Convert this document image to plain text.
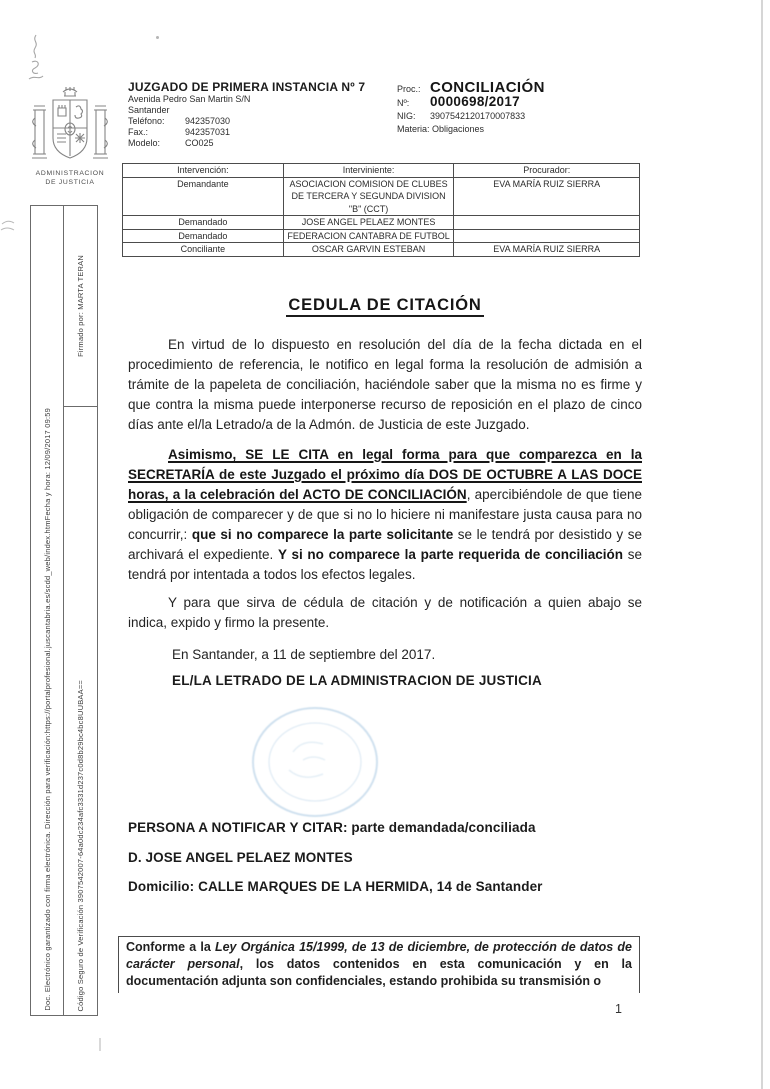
ADMINISTRACION
DE JUSTICIA
Doc. Electrónico garantizado con firma electrónica. Dirección para verificación:https://portalprofesional.juscantabria.es/scdd_web/index.htmFecha y hora: 12/09/2017 09:59
Firmado por: MARTA TERAN
Código Seguro de Verificación 3907542007-64a0dc234afc3331d237c0d8b29bc4bc8UUBAA==
JUZGADO DE PRIMERA INSTANCIA Nº 7
Avenida Pedro San Martin S/N
Santander
Teléfono: 942357030
Fax.:	942357031
Modelo:	CO025
Proc.: CONCILIACIÓN
Nº:	0000698/2017
NIG:	3907542120170007833
Materia: Obligaciones
Intervención:	Interviniente:	Procurador:
Demandante	ASOCIACION COMISION DE CLUBES DE TERCERA Y SEGUNDA DIVISION "B" (CCT)	EVA MARÍA RUIZ SIERRA
Demandado	JOSE ANGEL PELAEZ MONTES	
Demandado	FEDERACION CANTABRA DE FUTBOL	
Conciliante	OSCAR GARVIN ESTEBAN	EVA MARÍA RUIZ SIERRA
CEDULA DE CITACIÓN

En virtud de lo dispuesto en resolución del día de la fecha dictada en el procedimiento de referencia, le notifico en legal forma la resolución de admisión a trámite de la papeleta de conciliación, haciéndole saber que la misma no es firme y que contra la misma puede interponerse recurso de reposición en el plazo de cinco días ante el/la Letrado/a de la Admón. de Justicia de este Juzgado.

Asimismo, SE LE CITA en legal forma para que comparezca en la SECRETARÍA de este Juzgado el próximo día DOS DE OCTUBRE A LAS DOCE horas, a la celebración del ACTO DE CONCILIACIÓN, apercibiéndole de que tiene obligación de comparecer y de que si no lo hiciere ni manifestare justa causa para no concurrir,: que si no comparece la parte solicitante se le tendrá por desistido y se archivará el expediente. Y si no comparece la parte requerida de conciliación se tendrá por intentada a todos los efectos legales.

Y para que sirva de cédula de citación y de notificación a quien abajo se indica, expido y firmo la presente.

En Santander, a 11 de septiembre del 2017.

EL/LA LETRADO DE LA ADMINISTRACION DE JUSTICIA
PERSONA A NOTIFICAR Y CITAR: parte demandada/conciliada
D. JOSE ANGEL PELAEZ MONTES
Domicilio: CALLE MARQUES DE LA HERMIDA, 14 de Santander
Conforme a la Ley Orgánica 15/1999, de 13 de diciembre, de protección de datos de carácter personal, los datos contenidos en esta comunicación y en la documentación adjunta son confidenciales, estando prohibida su transmisión o
1
